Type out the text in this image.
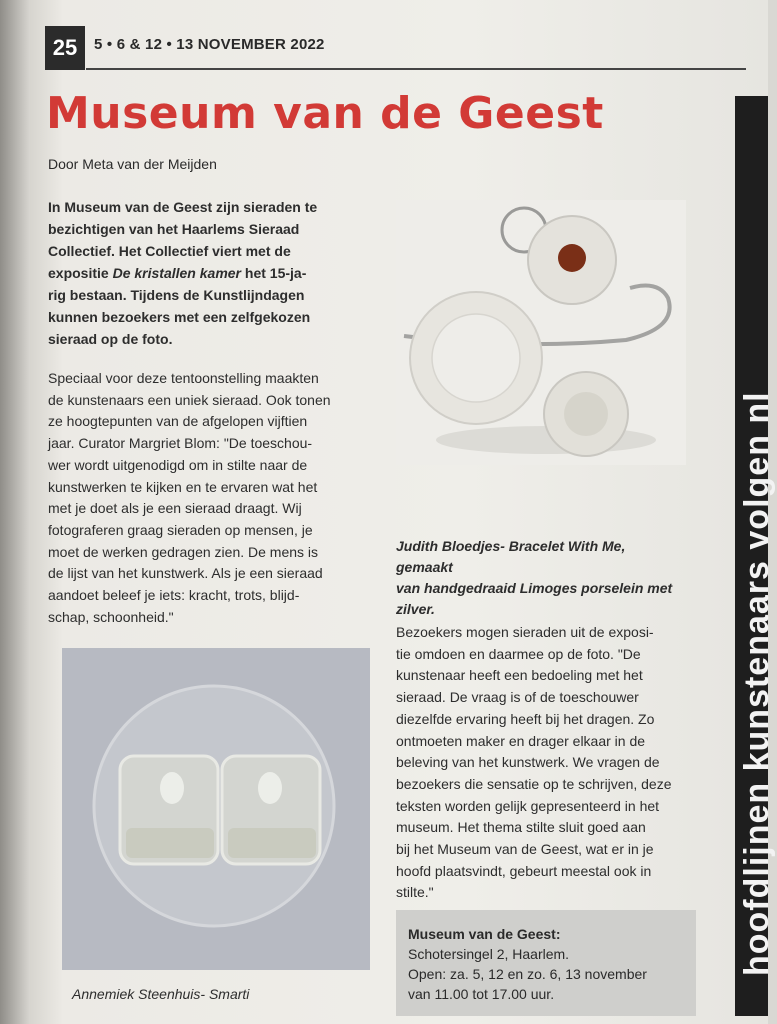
25	5 • 6 & 12 • 13 NOVEMBER 2022
Museum van de Geest
Door Meta van der Meijden
In Museum van de Geest zijn sieraden te
bezichtigen van het Haarlems Sieraad
Collectief. Het Collectief viert met de
expositie De kristallen kamer het 15-ja-
rig bestaan. Tijdens de Kunstlijndagen
kunnen bezoekers met een zelfgekozen
sieraad op de foto.
Speciaal voor deze tentoonstelling maakten
de kunstenaars een uniek sieraad. Ook tonen
ze hoogtepunten van de afgelopen vijftien
jaar. Curator Margriet Blom: "De toeschou-
wer wordt uitgenodigd om in stilte naar de
kunstwerken te kijken en te ervaren wat het
met je doet als je een sieraad draagt. Wij
fotograferen graag sieraden op mensen, je
moet de werken gedragen zien. De mens is
de lijst van het kunstwerk. Als je een sieraad
aandoet beleef je iets: kracht, trots, blijd-
schap, schoonheid."
Judith Bloedjes- Bracelet With Me, gemaakt
van handgedraaid Limoges porselein met
zilver.
Bezoekers mogen sieraden uit de exposi-
tie omdoen en daarmee op de foto. "De
kunstenaar heeft een bedoeling met het
sieraad. De vraag is of de toeschouwer
diezelfde ervaring heeft bij het dragen. Zo
ontmoeten maker en drager elkaar in de
beleving van het kunstwerk. We vragen de
bezoekers die sensatie op te schrijven, deze
teksten worden gelijk gepresenteerd in het
museum. Het thema stilte sluit goed aan
bij het Museum van de Geest, wat er in je
hoofd plaatsvindt, gebeurt meestal ook in
stilte."
Annemiek Steenhuis- Smarti
Museum van de Geest:
Schotersingel 2, Haarlem.
Open: za. 5, 12 en zo. 6, 13 november
van 11.00 tot 17.00 uur.
hoofdlijnen kunstenaars volgen nl
